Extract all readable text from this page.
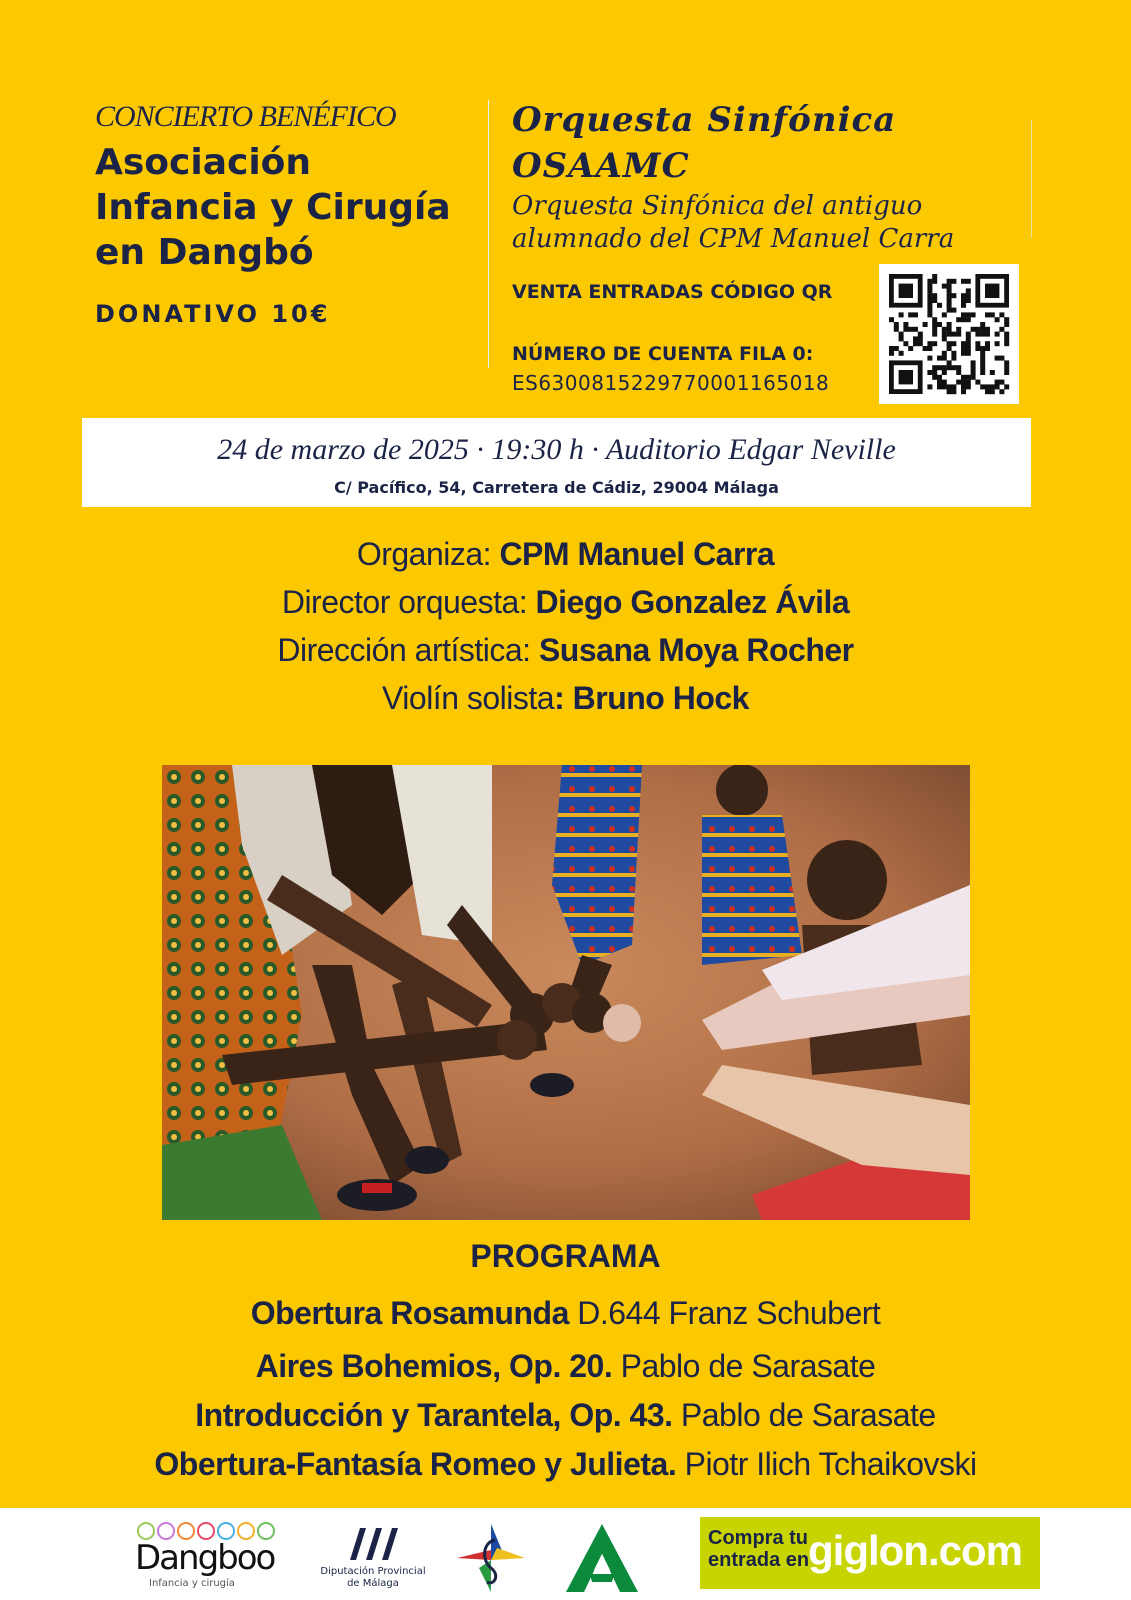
CONCIERTO BENÉFICO
Asociación
Infancia y Cirugía
en Dangbó
DONATIVO 10€
Orquesta Sinfónica
OSAAMC
Orquesta Sinfónica del antiguo
alumnado del CPM Manuel Carra
VENTA ENTRADAS CÓDIGO QR
NÚMERO DE CUENTA FILA 0:
ES6300815229770001165018
24 de marzo de 2025 · 19:30 h · Auditorio Edgar Neville
C/ Pacífico, 54, Carretera de Cádiz, 29004 Málaga
Organiza: CPM Manuel Carra
Director orquesta: Diego Gonzalez Ávila
Dirección artística: Susana Moya Rocher
Violín solista: Bruno Hock
PROGRAMA
Obertura Rosamunda D.644 Franz Schubert
Aires Bohemios, Op. 20. Pablo de Sarasate
Introducción y Tarantela, Op. 43. Pablo de Sarasate
Obertura-Fantasía Romeo y Julieta. Piotr Ilich Tchaikovski
Dangboo
Infancia y cirugía
Diputación Provincial
de Málaga
Compra tu
entrada en
giglon.com
